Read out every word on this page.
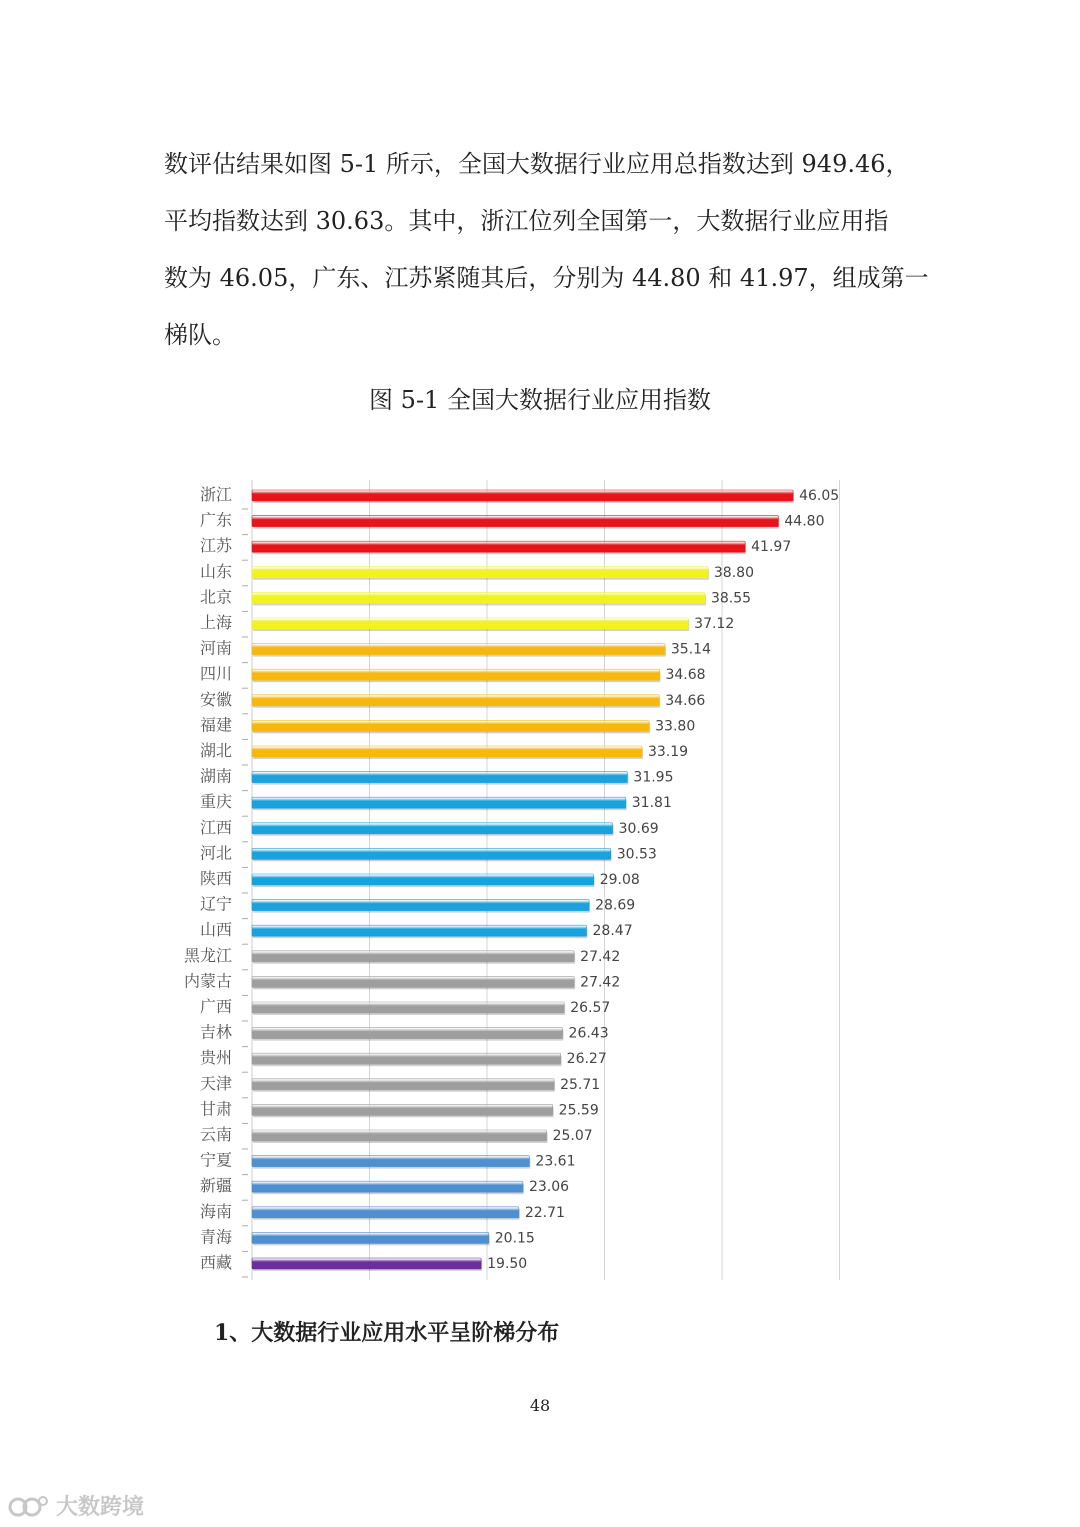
数评估结果如图 5-1 所示，全国大数据行业应用总指数达到 949.46，
平均指数达到 30.63。其中，浙江位列全国第一，大数据行业应用指
数为 46.05，广东、江苏紧随其后，分别为 44.80 和 41.97，组成第一
梯队。
图 5-1 全国大数据行业应用指数
浙江	46.05
广东	44.80
江苏	41.97
山东	38.80
北京	38.55
上海	37.12
河南	35.14
四川	34.68
安徽	34.66
福建	33.80
湖北	33.19
湖南	31.95
重庆	31.81
江西	30.69
河北	30.53
陕西	29.08
辽宁	28.69
山西	28.47
黑龙江	27.42
内蒙古	27.42
广西	26.57
吉林	26.43
贵州	26.27
天津	25.71
甘肃	25.59
云南	25.07
宁夏	23.61
新疆	23.06
海南	22.71
青海	20.15
西藏	19.50
1、大数据行业应用水平呈阶梯分布
48
大数跨境
